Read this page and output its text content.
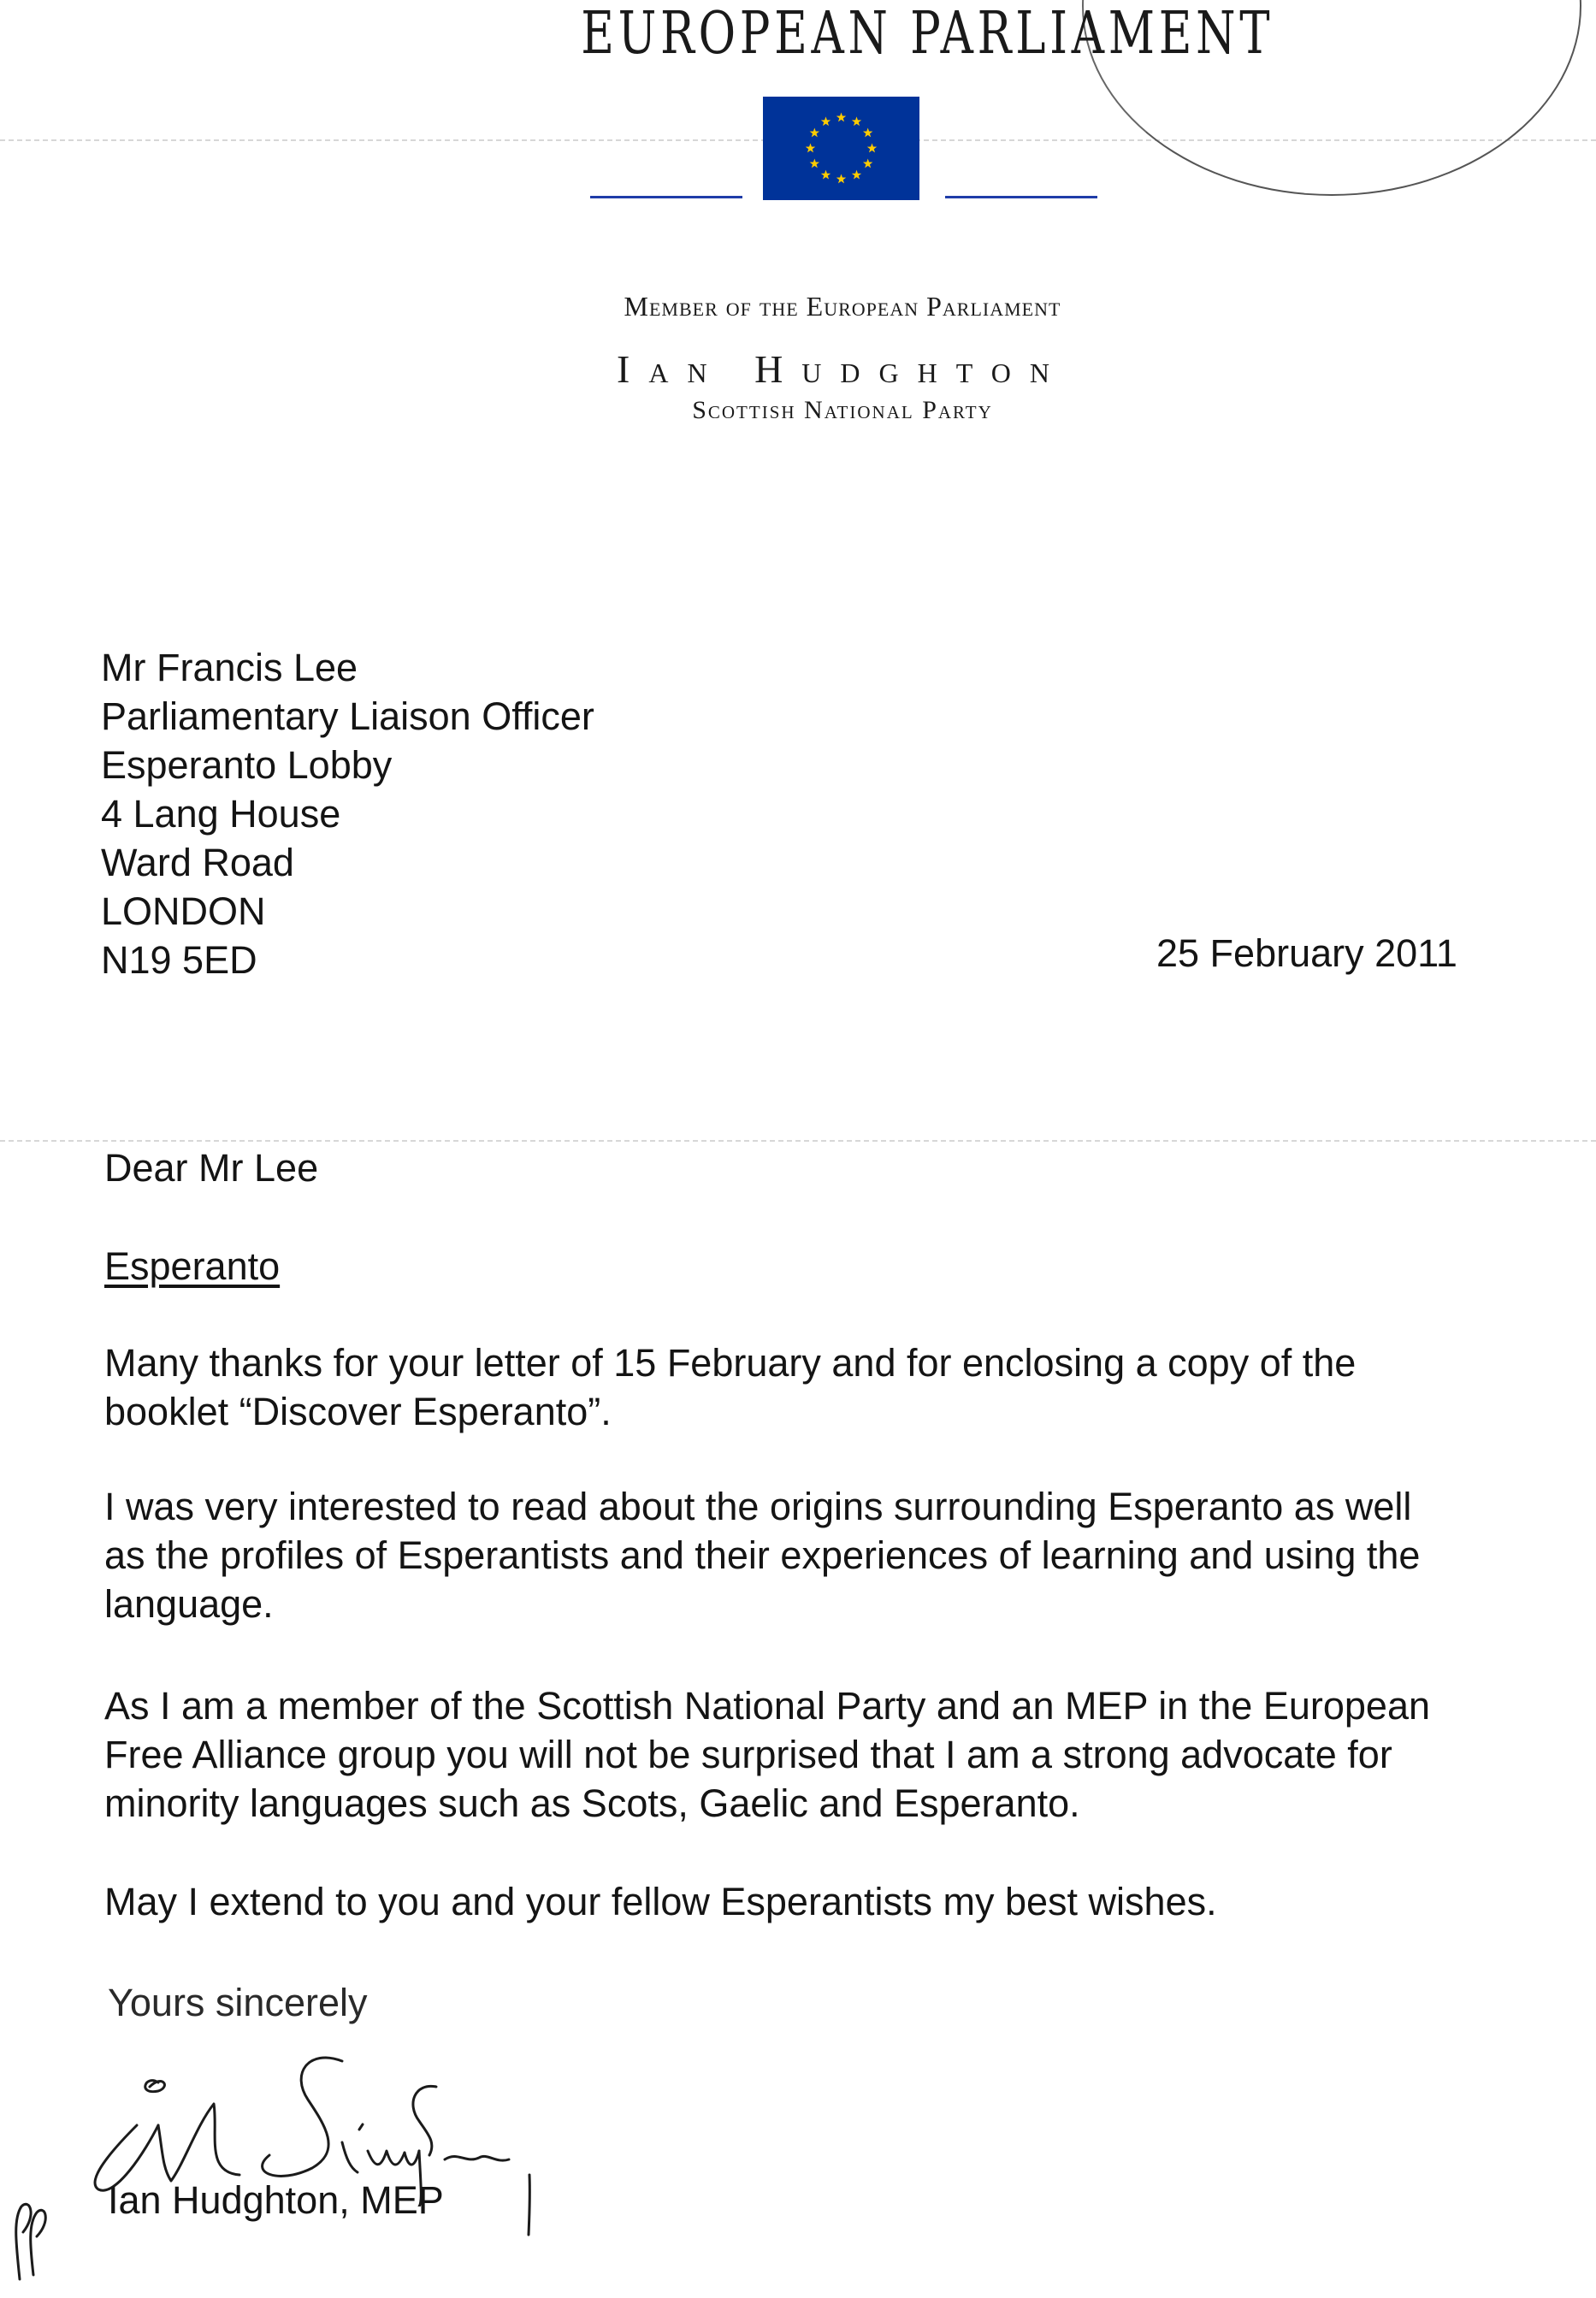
EUROPEAN PARLIAMENT
Member of the European Parliament
Ian Hudghton
Scottish National Party
Mr Francis Lee
Parliamentary Liaison Officer
Esperanto Lobby
4 Lang House
Ward Road
LONDON
N19 5ED	25 February 2011
Dear Mr Lee
Esperanto
Many thanks for your letter of 15 February and for enclosing a copy of the
booklet “Discover Esperanto”.
I was very interested to read about the origins surrounding Esperanto as well
as the profiles of Esperantists and their experiences of learning and using the
language.
As I am a member of the Scottish National Party and an MEP in the European
Free Alliance group you will not be surprised that I am a strong advocate for
minority languages such as Scots, Gaelic and Esperanto.
May I extend to you and your fellow Esperantists my best wishes.
Yours sincerely
Ian Hudghton, MEP
